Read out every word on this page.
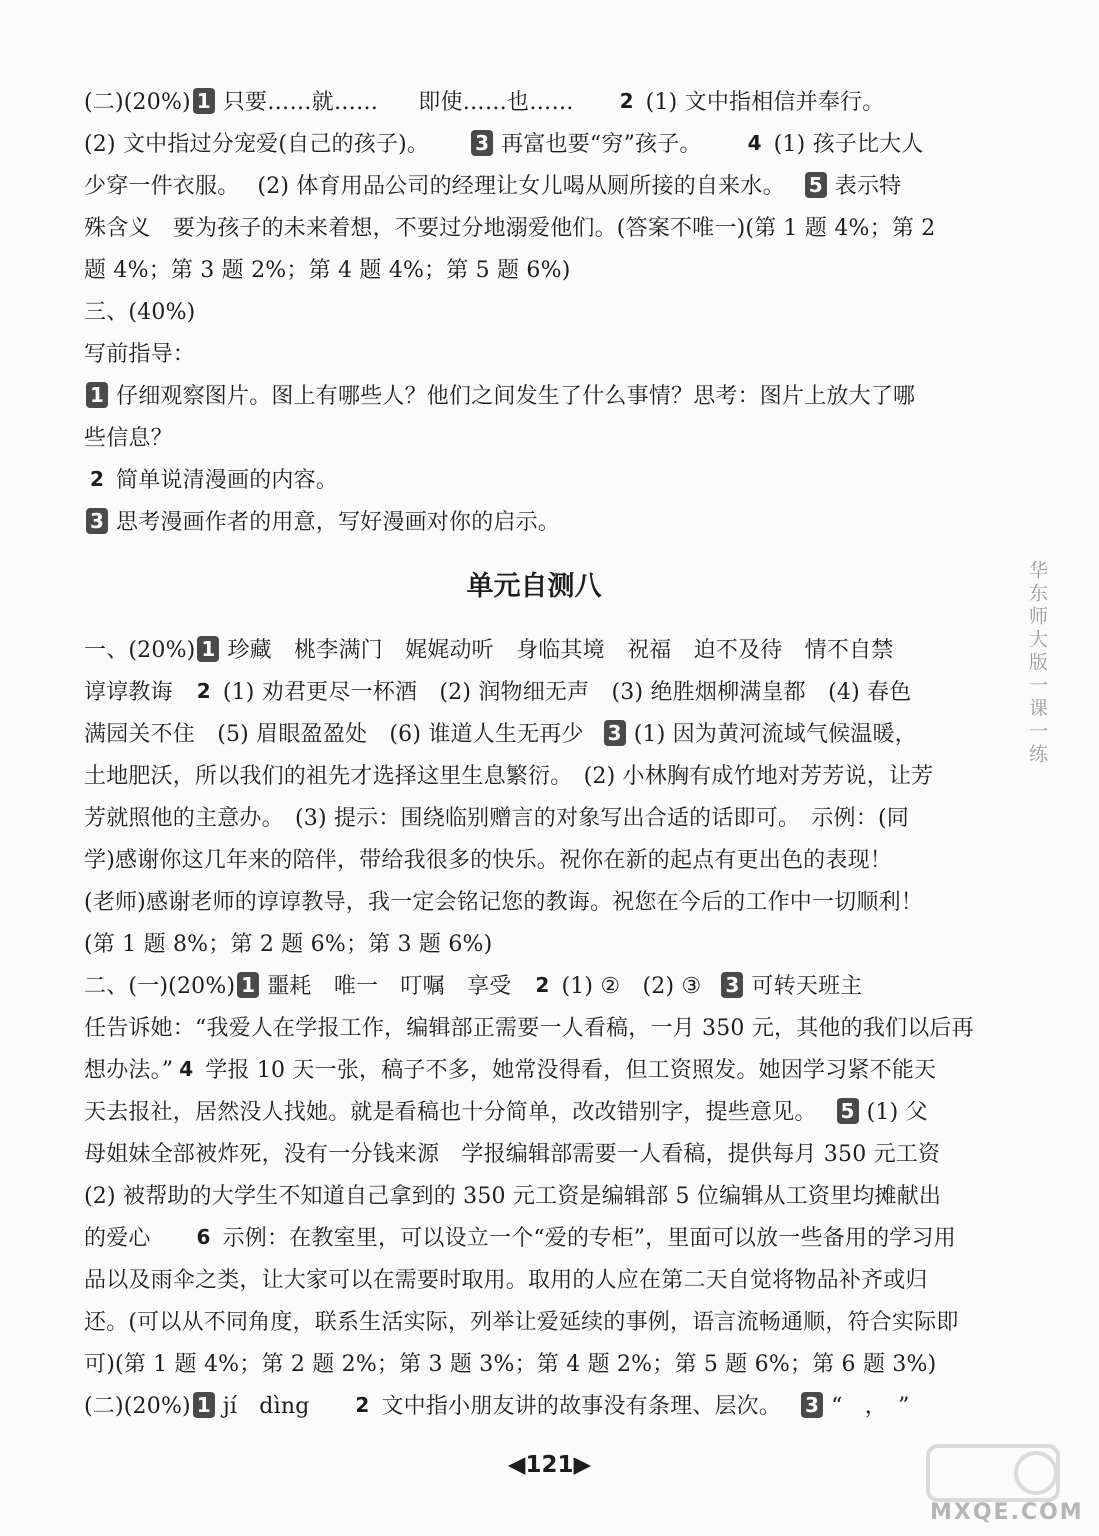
(二)(20%) 1 只要……就…… 即使……也…… 2 (1) 文中指相信并奉行。
(2) 文中指过分宠爱(自己的孩子)。 3 再富也要“穷”孩子。 4 (1) 孩子比大人
少穿一件衣服。 (2) 体育用品公司的经理让女儿喝从厕所接的自来水。 5 表示特
殊含义　要为孩子的未来着想，不要过分地溺爱他们。(答案不唯一)(第 1 题 4%；第 2
题 4%；第 3 题 2%；第 4 题 4%；第 5 题 6%)
三、(40%)
写前指导：
1 仔细观察图片。图上有哪些人？他们之间发生了什么事情？思考：图片上放大了哪
些信息？
2 简单说清漫画的内容。
3 思考漫画作者的用意，写好漫画对你的启示。
单元自测八
一、(20%) 1 珍藏　桃李满门　娓娓动听　身临其境　祝福　迫不及待　情不自禁
谆谆教诲 2 (1) 劝君更尽一杯酒　(2) 润物细无声　(3) 绝胜烟柳满皇都　(4) 春色
满园关不住　(5) 眉眼盈盈处　(6) 谁道人生无再少 3 (1) 因为黄河流域气候温暖，
土地肥沃，所以我们的祖先才选择这里生息繁衍。　(2) 小林胸有成竹地对芳芳说，让芳
芳就照他的主意办。　(3) 提示：围绕临别赠言的对象写出合适的话即可。　示例：(同
学)感谢你这几年来的陪伴，带给我很多的快乐。祝你在新的起点有更出色的表现！
(老师)感谢老师的谆谆教导，我一定会铭记您的教诲。祝您在今后的工作中一切顺利！
(第 1 题 8%；第 2 题 6%；第 3 题 6%)
二、(一)(20%) 1 噩耗　唯一　叮嘱　享受 2 (1) ②　(2) ③ 3 可转天班主
任告诉她：“我爱人在学报工作，编辑部正需要一人看稿，一月 350 元，其他的我们以后再
想办法。” 4 学报 10 天一张，稿子不多，她常没得看，但工资照发。她因学习紧不能天
天去报社，居然没人找她。就是看稿也十分简单，改改错别字，提些意见。 5 (1) 父
母姐妹全部被炸死，没有一分钱来源　学报编辑部需要一人看稿，提供每月 350 元工资
(2) 被帮助的大学生不知道自己拿到的 350 元工资是编辑部 5 位编辑从工资里均摊献出
的爱心 6 示例：在教室里，可以设立一个“爱的专柜”，里面可以放一些备用的学习用
品以及雨伞之类，让大家可以在需要时取用。取用的人应在第二天自觉将物品补齐或归
还。(可以从不同角度，联系生活实际，列举让爱延续的事例，语言流畅通顺，符合实际即
可)(第 1 题 4%；第 2 题 2%；第 3 题 3%；第 4 题 2%；第 5 题 6%；第 6 题 3%)
(二)(20%) 1 jí　dìng 2 文中指小朋友讲的故事没有条理、层次。 3 “　，　”
华东师大版一课一练
◀121▶
MXQE.COM
